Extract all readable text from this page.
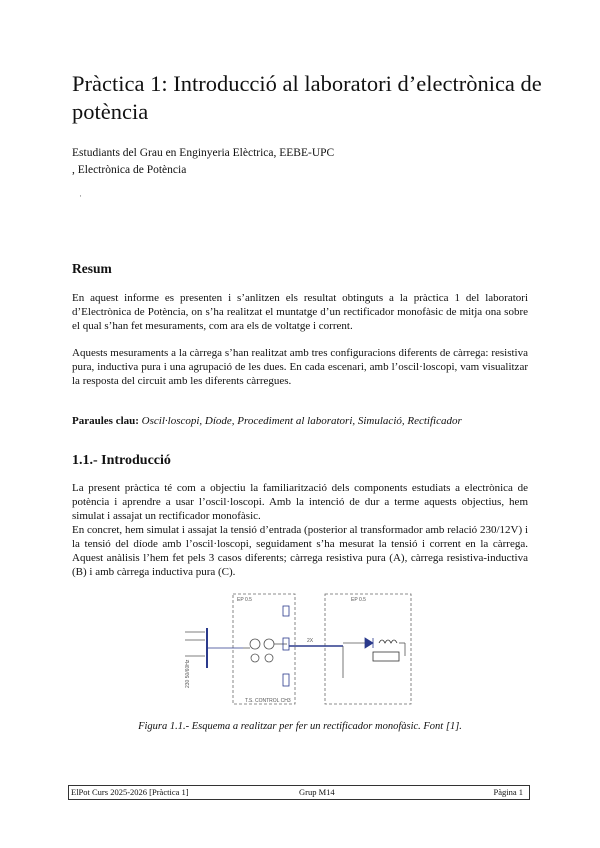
Pràctica 1: Introducció al laboratori d’electrònica de potència
Estudiants del Grau en Enginyeria Elèctrica, EEBE-UPC
, Electrònica de Potència
·
Resum
En aquest informe es presenten i s’anlitzen els resultat obtinguts a la pràctica 1 del laboratori d’Electrònica de Potència, on s’ha realitzat el muntatge d’un rectificador monofàsic de mitja ona sobre el qual s’han fet mesuraments, com ara els de voltatge i corrent.
Aquests mesuraments a la càrrega s’han realitzat amb tres configuracions diferents de càrrega: resistiva pura, inductiva pura i una agrupació de les dues. En cada escenari, amb l’oscil·loscopi, vam visualitzar la resposta del circuit amb les diferents càrregues.
Paraules clau: Oscil·loscopi, Díode, Procediment al laboratori, Simulació, Rectificador
1.1.- Introducció
La present pràctica té com a objectiu la familiarització dels components estudiats a electrònica de potència i aprendre a usar l’oscil·loscopi. Amb la intenció de dur a terme aquests objectius, hem simulat i assajat un rectificador monofàsic.
En concret, hem simulat i assajat la tensió d’entrada (posterior al transformador amb relació 230/12V) i la tensió del díode amb l’oscil·loscopi, seguidament s’ha mesurat la tensió i corrent en la càrrega. Aquest anàlisis l’hem fet pels 3 casos diferents; càrrega resistiva pura (A), càrrega resistiva-inductiva (B) i amb càrrega inductiva pura (C).
EP 0.5	EP 0.5
2X
T.S. CONTROL CH3
230 50/60Hz
Figura 1.1.- Esquema a realitzar per fer un rectificador monofàsic. Font [1].
ElPot Curs 2025-2026 [Pràctica 1]	Grup M14	Pàgina 1
